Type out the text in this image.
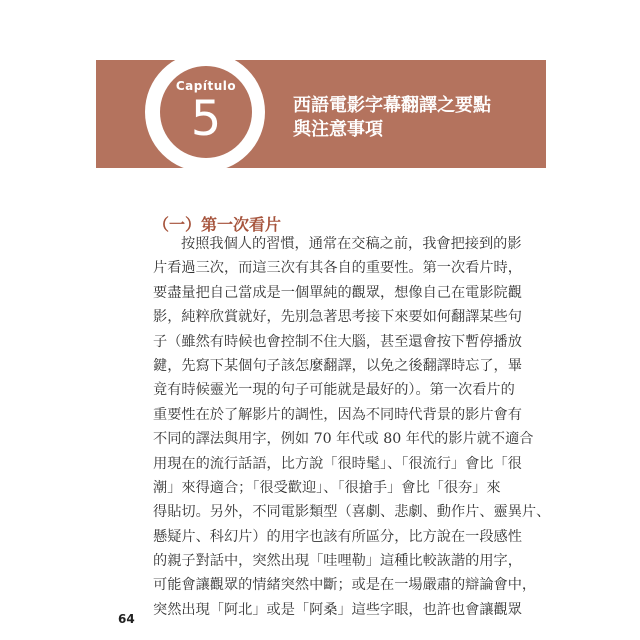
Capítulo
5	西語電影字幕翻譯之要點
與注意事項
（一）第一次看片
按照我個人的習慣，通常在交稿之前，我會把接到的影
片看過三次，而這三次有其各自的重要性。第一次看片時，
要盡量把自己當成是一個單純的觀眾，想像自己在電影院觀
影，純粹欣賞就好，先別急著思考接下來要如何翻譯某些句
子（雖然有時候也會控制不住大腦，甚至還會按下暫停播放
鍵，先寫下某個句子該怎麼翻譯，以免之後翻譯時忘了，畢
竟有時候靈光一現的句子可能就是最好的）。第一次看片的
重要性在於了解影片的調性，因為不同時代背景的影片會有
不同的譯法與用字，例如 70 年代或 80 年代的影片就不適合
用現在的流行話語，比方說「很時髦」、「很流行」會比「很
潮」來得適合；「很受歡迎」、「很搶手」會比「很夯」來
得貼切。另外，不同電影類型（喜劇、悲劇、動作片、靈異片、
懸疑片、科幻片）的用字也該有所區分，比方說在一段感性
的親子對話中，突然出現「哇哩勒」這種比較詼諧的用字，
可能會讓觀眾的情緒突然中斷；或是在一場嚴肅的辯論會中，
突然出現「阿北」或是「阿桑」這些字眼，也許也會讓觀眾
64
